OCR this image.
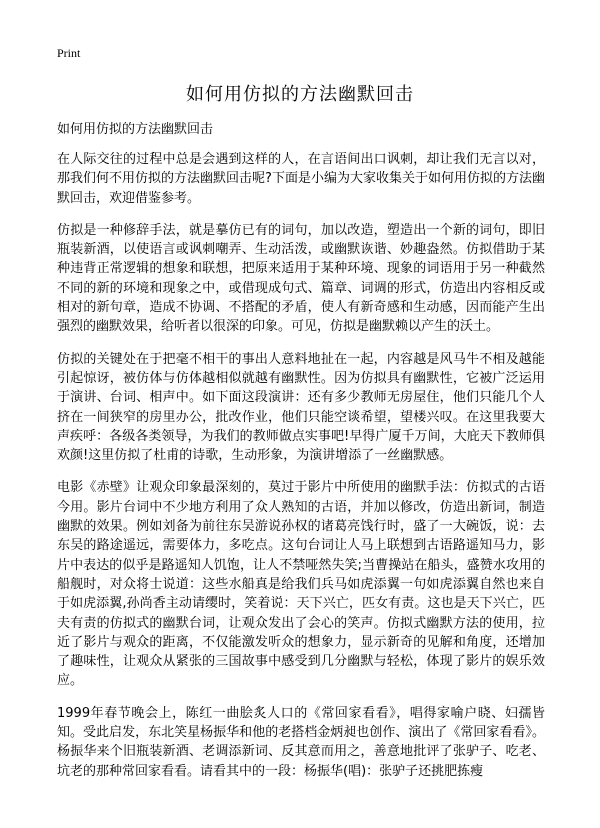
Print
如何用仿拟的方法幽默回击

如何用仿拟的方法幽默回击

在人际交往的过程中总是会遇到这样的人，在言语间出口讽刺，却让我们无言以对，那我们何不用仿拟的方法幽默回击呢?下面是小编为大家收集关于如何用仿拟的方法幽默回击，欢迎借鉴参考。

仿拟是一种修辞手法，就是摹仿已有的词句，加以改造，塑造出一个新的词句，即旧瓶装新酒，以使语言或讽刺嘲弄、生动活泼，或幽默诙谐、妙趣盎然。仿拟借助于某种违背正常逻辑的想象和联想，把原来适用于某种环境、现象的词语用于另一种截然不同的新的环境和现象之中，或借现成句式、篇章、词调的形式，仿造出内容相反或相对的新句章，造成不协调、不搭配的矛盾，使人有新奇感和生动感，因而能产生出强烈的幽默效果，给听者以很深的印象。可见，仿拟是幽默赖以产生的沃土。

仿拟的关键处在于把毫不相干的事出人意料地扯在一起，内容越是风马牛不相及越能引起惊讶，被仿体与仿体越相似就越有幽默性。因为仿拟具有幽默性，它被广泛运用于演讲、台词、相声中。如下面这段演讲：还有多少教师无房屋住，他们只能几个人挤在一间狭窄的房里办公，批改作业，他们只能空谈希望，望楼兴叹。在这里我要大声疾呼：各级各类领导，为我们的教师做点实事吧!早得广厦千万间，大庇天下教师俱欢颜!这里仿拟了杜甫的诗歌，生动形象，为演讲增添了一丝幽默感。

电影《赤壁》让观众印象最深刻的，莫过于影片中所使用的幽默手法：仿拟式的古语今用。影片台词中不少地方利用了众人熟知的古语，并加以修改，仿造出新词，制造幽默的效果。例如刘备为前往东吴游说孙权的诸葛亮饯行时，盛了一大碗饭，说：去东吴的路途遥远，需要体力，多吃点。这句台词让人马上联想到古语路遥知马力，影片中表达的似乎是路遥知人饥饱，让人不禁哑然失笑;当曹操站在船头，盛赞水攻用的船舰时，对众将士说道：这些水船真是给我们兵马如虎添翼一句如虎添翼自然也来自于如虎添翼,孙尚香主动请缨时，笑着说：天下兴亡，匹女有责。这也是天下兴亡，匹夫有责的仿拟式的幽默台词，让观众发出了会心的笑声。仿拟式幽默方法的使用，拉近了影片与观众的距离，不仅能激发听众的想象力，显示新奇的见解和角度，还增加了趣味性，让观众从紧张的三国故事中感受到几分幽默与轻松，体现了影片的娱乐效应。

1999年春节晚会上，陈红一曲脍炙人口的《常回家看看》，唱得家喻户晓、妇孺皆知。受此启发，东北笑星杨振华和他的老搭档金炳昶也创作、演出了《常回家看看》。杨振华来个旧瓶装新酒、老调添新词、反其意而用之，善意地批评了张驴子、吃老、坑老的那种常回家看看。请看其中的一段：杨振华(唱)：张驴子还挑肥拣瘦
